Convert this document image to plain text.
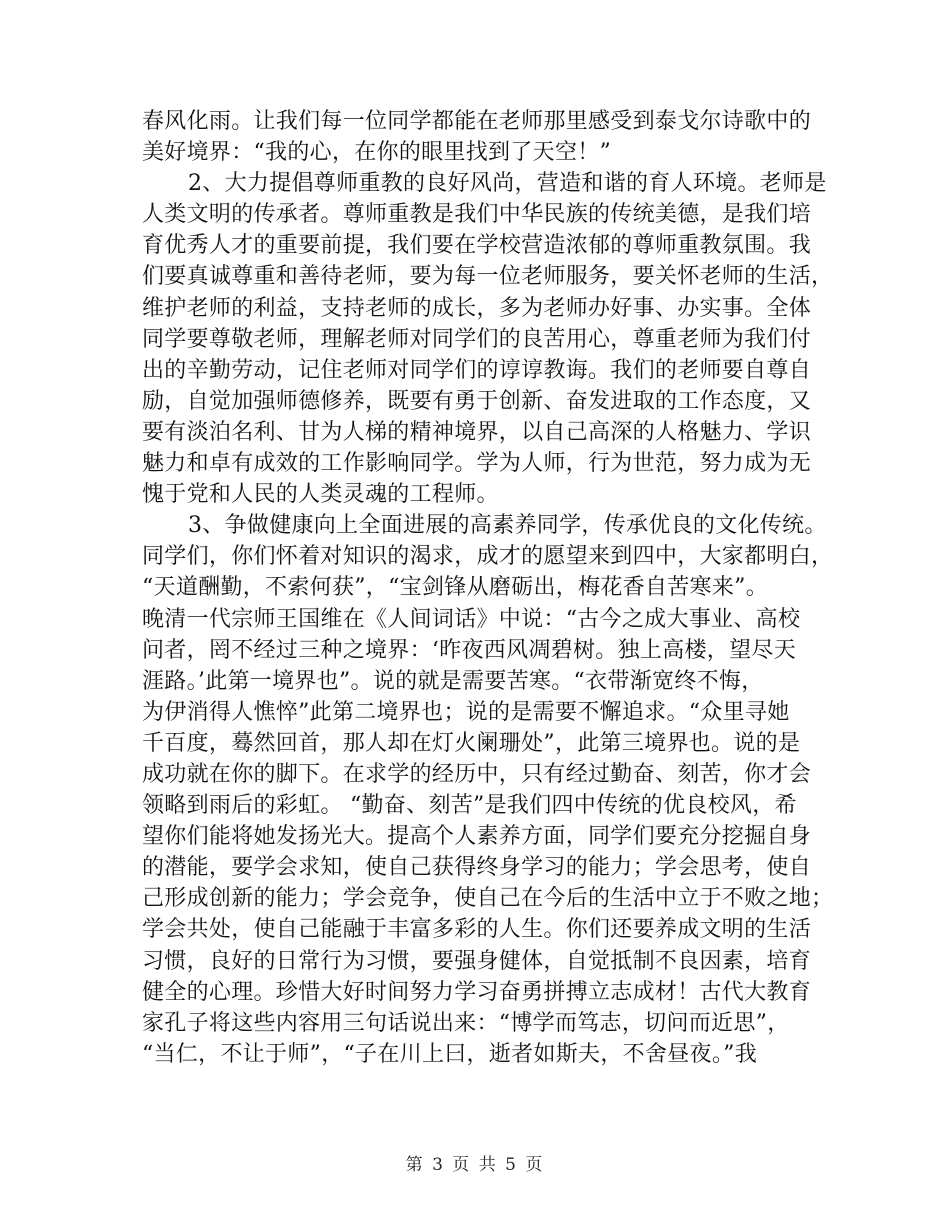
春风化雨。让我们每一位同学都能在老师那里感受到泰戈尔诗歌中的
美好境界：“我的心，在你的眼里找到了天空！”
2、大力提倡尊师重教的良好风尚，营造和谐的育人环境。老师是
人类文明的传承者。尊师重教是我们中华民族的传统美德，是我们培
育优秀人才的重要前提，我们要在学校营造浓郁的尊师重教氛围。我
们要真诚尊重和善待老师，要为每一位老师服务，要关怀老师的生活，
维护老师的利益，支持老师的成长，多为老师办好事、办实事。全体
同学要尊敬老师，理解老师对同学们的良苦用心，尊重老师为我们付
出的辛勤劳动，记住老师对同学们的谆谆教诲。我们的老师要自尊自
励，自觉加强师德修养，既要有勇于创新、奋发进取的工作态度，又
要有淡泊名利、甘为人梯的精神境界，以自己高深的人格魅力、学识
魅力和卓有成效的工作影响同学。学为人师，行为世范，努力成为无
愧于党和人民的人类灵魂的工程师。
3、争做健康向上全面进展的高素养同学，传承优良的文化传统。
同学们，你们怀着对知识的渴求，成才的愿望来到四中，大家都明白，
“天道酬勤，不索何获”，“宝剑锋从磨砺出，梅花香自苦寒来”。
晚清一代宗师王国维在《人间词话》中说：“古今之成大事业、高校
问者，罔不经过三种之境界：‘昨夜西风凋碧树。独上高楼，望尽天
涯路。’此第一境界也”。说的就是需要苦寒。“衣带渐宽终不悔，
为伊消得人憔悴”此第二境界也；说的是需要不懈追求。“众里寻她
千百度，蓦然回首，那人却在灯火阑珊处”，此第三境界也。说的是
成功就在你的脚下。在求学的经历中，只有经过勤奋、刻苦，你才会
领略到雨后的彩虹。 “勤奋、刻苦”是我们四中传统的优良校风，希
望你们能将她发扬光大。提高个人素养方面，同学们要充分挖掘自身
的潜能，要学会求知，使自己获得终身学习的能力；学会思考，使自
己形成创新的能力；学会竞争，使自己在今后的生活中立于不败之地；
学会共处，使自己能融于丰富多彩的人生。你们还要养成文明的生活
习惯，良好的日常行为习惯，要强身健体，自觉抵制不良因素，培育
健全的心理。珍惜大好时间努力学习奋勇拼搏立志成材！古代大教育
家孔子将这些内容用三句话说出来：“博学而笃志，切问而近思”，
“当仁，不让于师”，“子在川上曰，逝者如斯夫，不舍昼夜。”我
第 3 页 共 5 页
